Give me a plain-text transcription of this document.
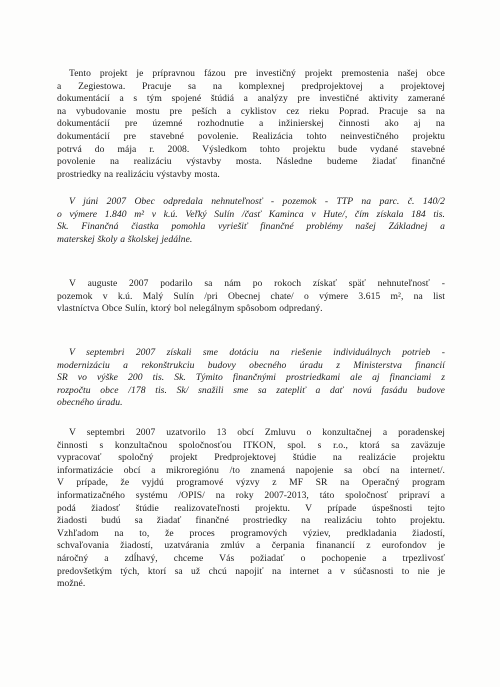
Tento projekt je prípravnou fázou pre investičný projekt premostenia našej obce
a Zegiestowa. Pracuje sa na komplexnej predprojektovej a projektovej
dokumentácií a s tým spojené štúdiá a analýzy pre investičné aktivity zamerané
na vybudovanie mostu pre peších a cyklistov cez rieku Poprad. Pracuje sa na
dokumentácií pre územné rozhodnutie a inžinierskej činnosti ako aj na
dokumentácií pre stavebné povolenie. Realizácia tohto neinvestičného projektu
potrvá do mája r. 2008. Výsledkom tohto projektu bude vydané stavebné
povolenie na realizáciu výstavby mosta. Následne budeme žiadať finančné
prostriedky na realizáciu výstavby mosta.
V júni 2007 Obec odpredala nehnuteľnosť - pozemok - TTP na parc. č. 140/2
o výmere 1.840 m² v k.ú. Veľký Sulín /časť Kaminca v Hute/, čím získala 184 tis.
Sk. Finančná čiastka pomohla vyriešiť finančné problémy našej Základnej a
materskej školy a školskej jedálne.
V auguste 2007 podarilo sa nám po rokoch získať späť nehnuteľnosť -
pozemok v k.ú. Malý Sulín /pri Obecnej chate/ o výmere 3.615 m², na list
vlastníctva Obce Sulín, ktorý bol nelegálnym spôsobom odpredaný.
V septembri 2007 získali sme dotáciu na riešenie individuálnych potrieb -
modernizáciu a rekonštrukciu budovy obecného úradu z Ministerstva financií
SR vo výške 200 tis. Sk. Týmito finančnými prostriedkami ale aj financiami z
rozpočtu obce /178 tis. Sk/ snažili sme sa zatepliť a dať novú fasádu budove
obecného úradu.
V septembri 2007 uzatvorilo 13 obcí Zmluvu o konzultačnej a poradenskej
činnosti s konzultačnou spoločnosťou ITKON, spol. s r.o., ktorá sa zaväzuje
vypracovať spoločný projekt Predprojektovej štúdie na realizácie projektu
informatizácie obcí a mikroregiónu /to znamená napojenie sa obcí na internet/.
V prípade, že vyjdú programové výzvy z MF SR na Operačný program
informatizačného systému /OPIS/ na roky 2007-2013, táto spoločnosť pripraví a
podá žiadosť štúdie realizovateľnosti projektu. V prípade úspešnosti tejto
žiadosti budú sa žiadať finančné prostriedky na realizáciu tohto projektu.
Vzhľadom na to, že proces programových výziev, predkladania žiadostí,
schvaľovania žiadostí, uzatvárania zmlúv a čerpania finanancií z eurofondov je
náročný a zdĺhavý, chceme Vás požiadať o pochopenie a trpezlivosť
predovšetkým tých, ktorí sa už chcú napojiť na internet a v súčasnosti to nie je
možné.
